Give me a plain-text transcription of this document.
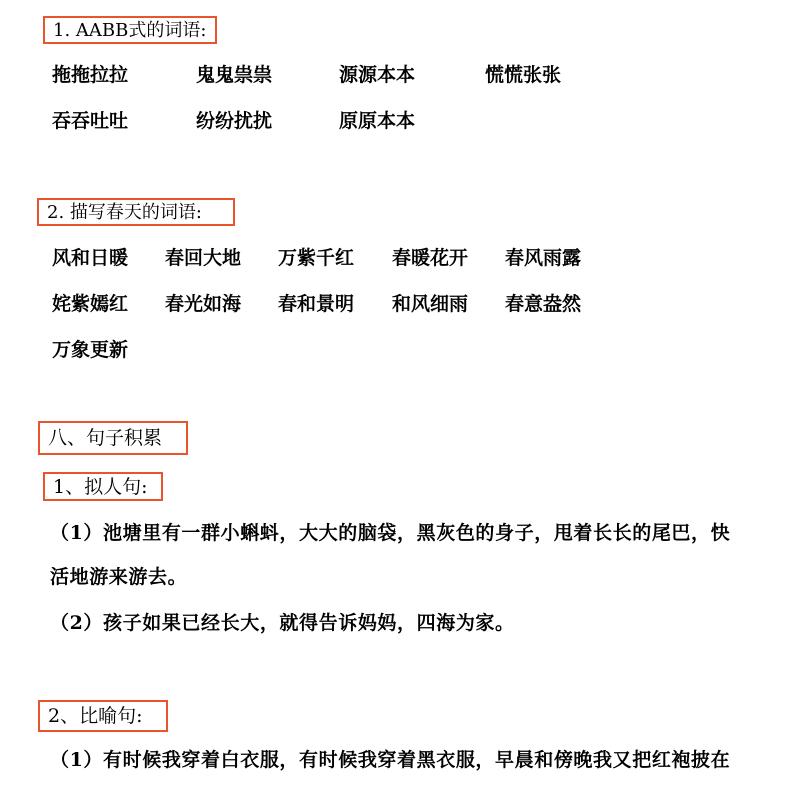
1. AABB式的词语:
拖拖拉拉	鬼鬼祟祟	源源本本	慌慌张张
吞吞吐吐	纷纷扰扰	原原本本
2. 描写春天的词语:
风和日暖 春回大地 万紫千红 春暖花开 春风雨露
姹紫嫣红 春光如海 春和景明 和风细雨 春意盎然
万象更新
八、句子积累
1、拟人句:
（1）池塘里有一群小蝌蚪，大大的脑袋，黑灰色的身子，甩着长长的尾巴，快
活地游来游去。
（2）孩子如果已经长大，就得告诉妈妈，四海为家。
2、比喻句:
（1）有时候我穿着白衣服，有时候我穿着黑衣服，早晨和傍晚我又把红袍披在
